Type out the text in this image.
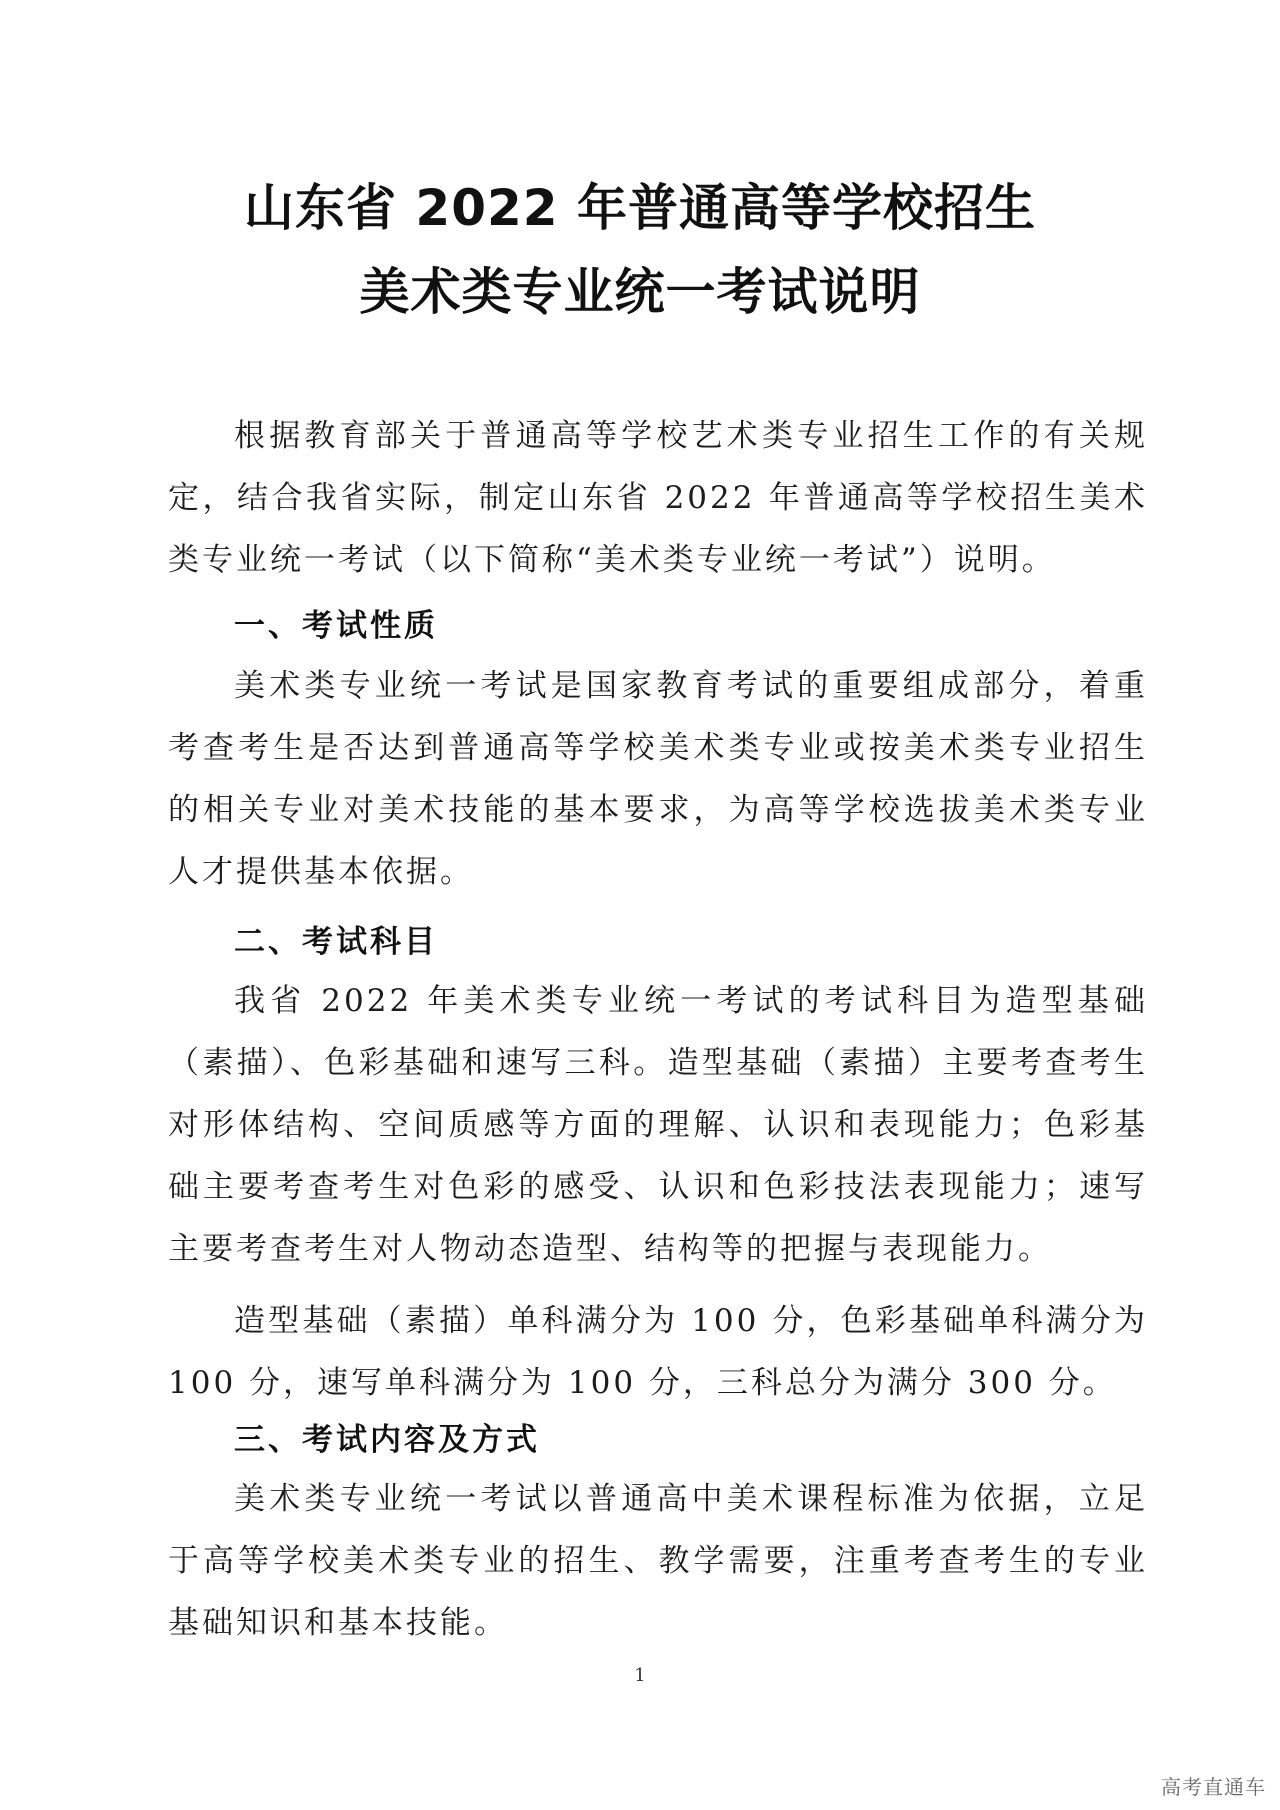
山东省 2022 年普通高等学校招生
美术类专业统一考试说明
根据教育部关于普通高等学校艺术类专业招生工作的有关规定，结合我省实际，制定山东省 2022 年普通高等学校招生美术类专业统一考试（以下简称“美术类专业统一考试”）说明。
一、考试性质
美术类专业统一考试是国家教育考试的重要组成部分，着重考查考生是否达到普通高等学校美术类专业或按美术类专业招生的相关专业对美术技能的基本要求，为高等学校选拔美术类专业人才提供基本依据。
二、考试科目
我省 2022 年美术类专业统一考试的考试科目为造型基础（素描）、色彩基础和速写三科。造型基础（素描）主要考查考生对形体结构、空间质感等方面的理解、认识和表现能力；色彩基础主要考查考生对色彩的感受、认识和色彩技法表现能力；速写主要考查考生对人物动态造型、结构等的把握与表现能力。
造型基础（素描）单科满分为 100 分，色彩基础单科满分为 100 分，速写单科满分为 100 分，三科总分为满分 300 分。
三、考试内容及方式
美术类专业统一考试以普通高中美术课程标准为依据，立足于高等学校美术类专业的招生、教学需要，注重考查考生的专业基础知识和基本技能。
1
高考直通车
